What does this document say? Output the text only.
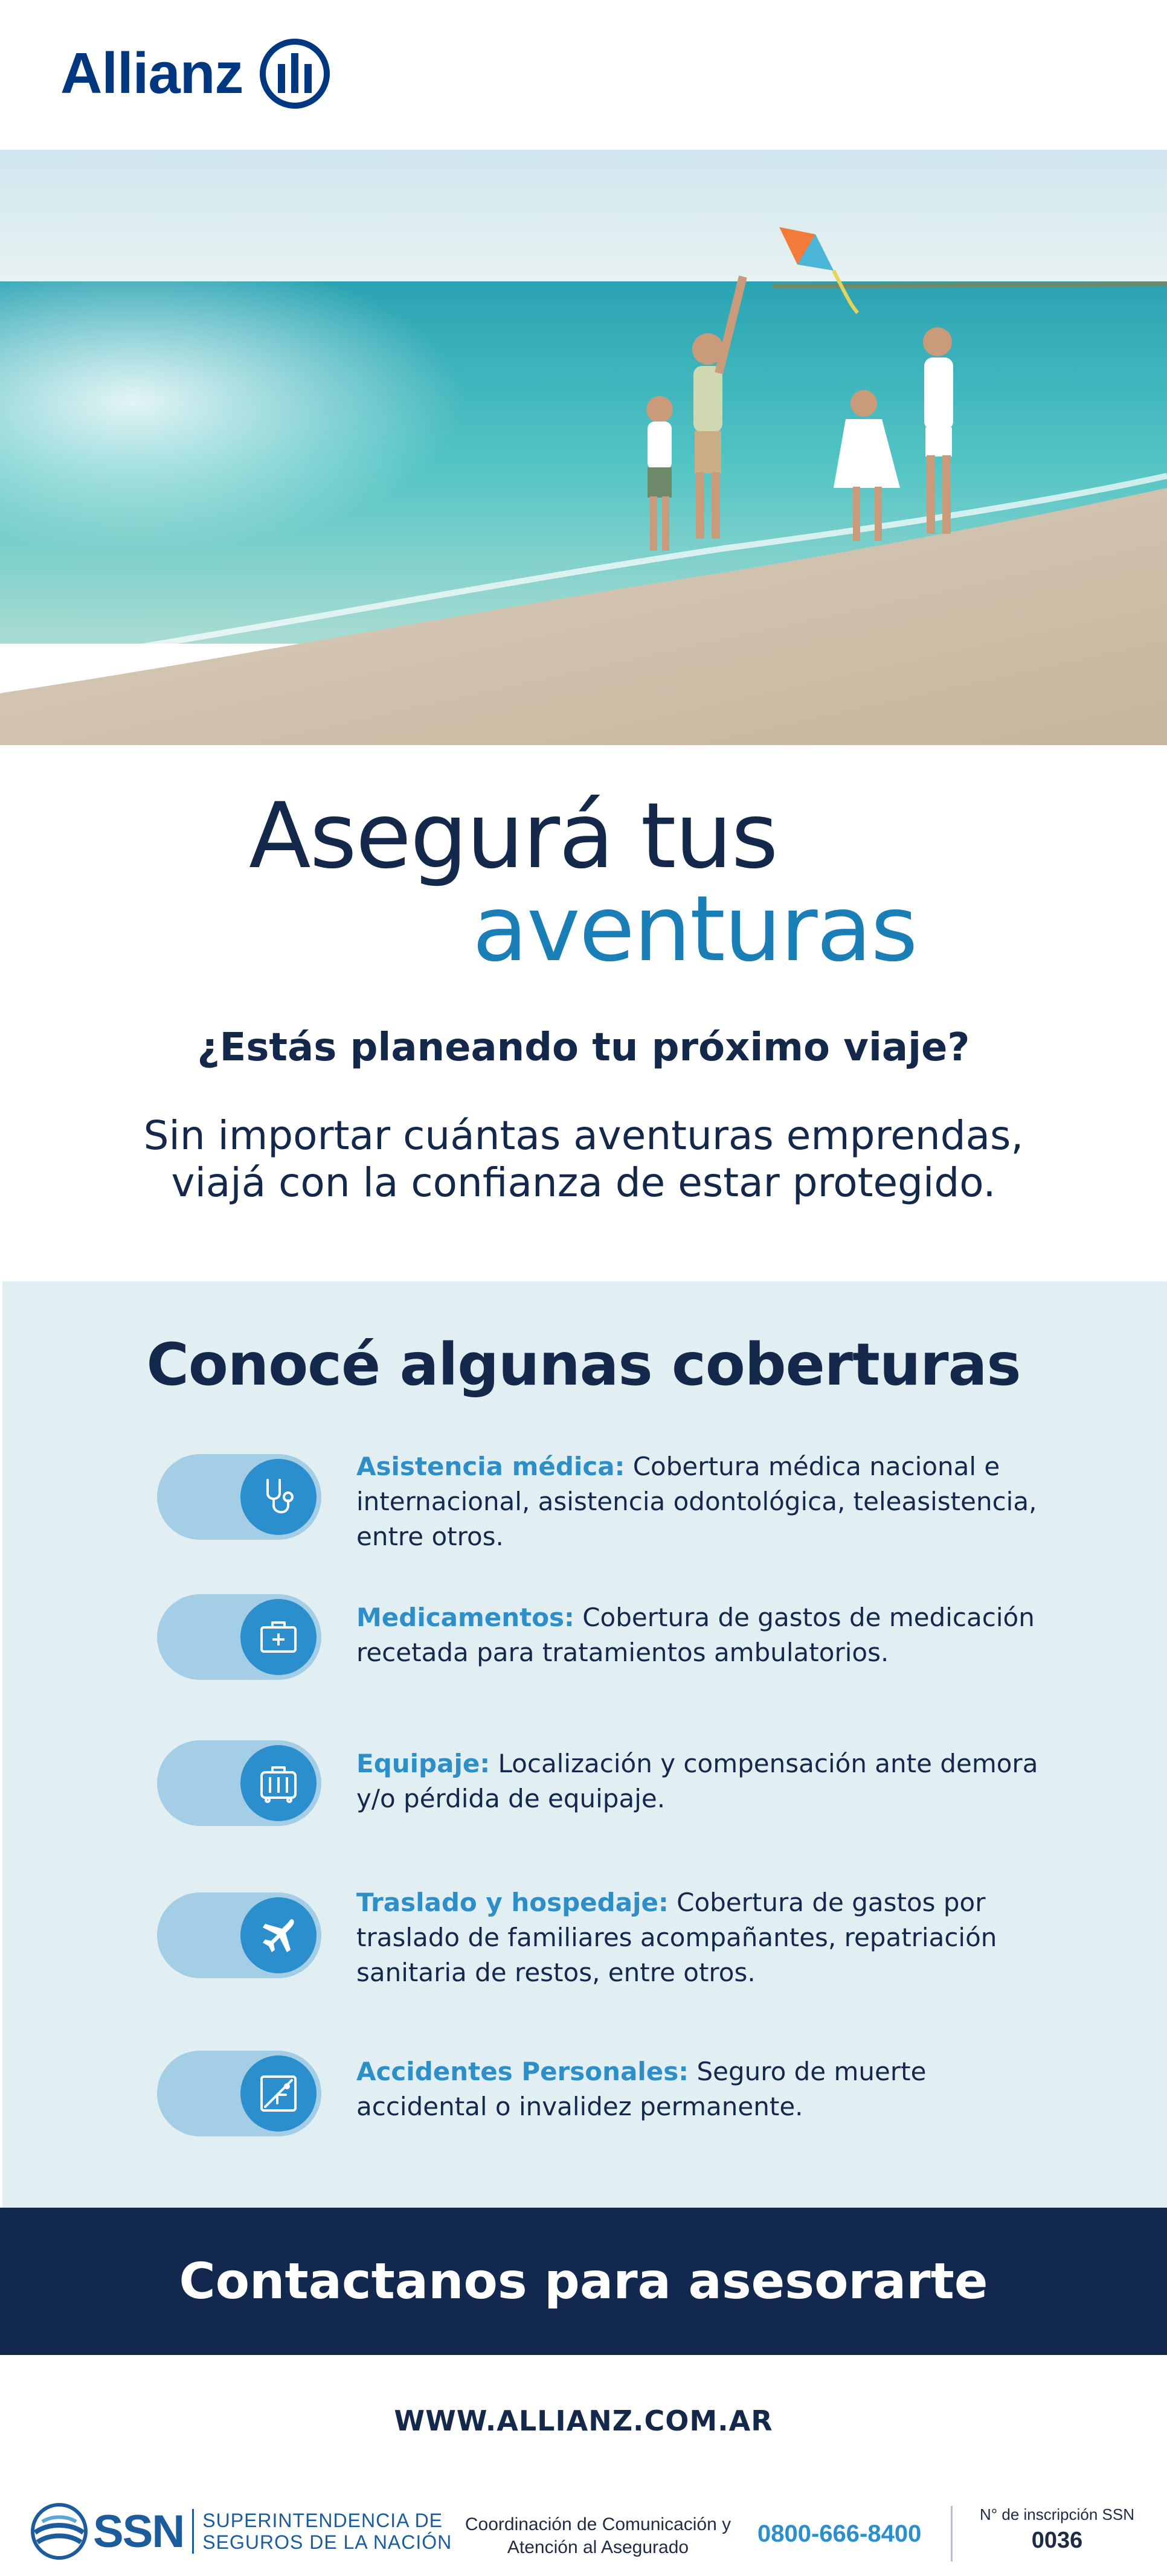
Allianz
Asegurá tus
aventuras
¿Estás planeando tu próximo viaje?
Sin importar cuántas aventuras emprendas,
viajá con la confianza de estar protegido.
Conocé algunas coberturas
Asistencia médica: Cobertura médica nacional e internacional, asistencia odontológica, teleasistencia, entre otros.
Medicamentos: Cobertura de gastos de medicación recetada para tratamientos ambulatorios.
Equipaje: Localización y compensación ante demora y/o pérdida de equipaje.
Traslado y hospedaje: Cobertura de gastos por traslado de familiares acompañantes, repatriación sanitaria de restos, entre otros.
Accidentes Personales: Seguro de muerte accidental o invalidez permanente.
Contactanos para asesorarte
WWW.ALLIANZ.COM.AR
SSN SUPERINTENDENCIA DE
SEGUROS DE LA NACIÓN
Coordinación de Comunicación y
Atención al Asegurado
0800-666-8400
N° de inscripción SSN
0036
